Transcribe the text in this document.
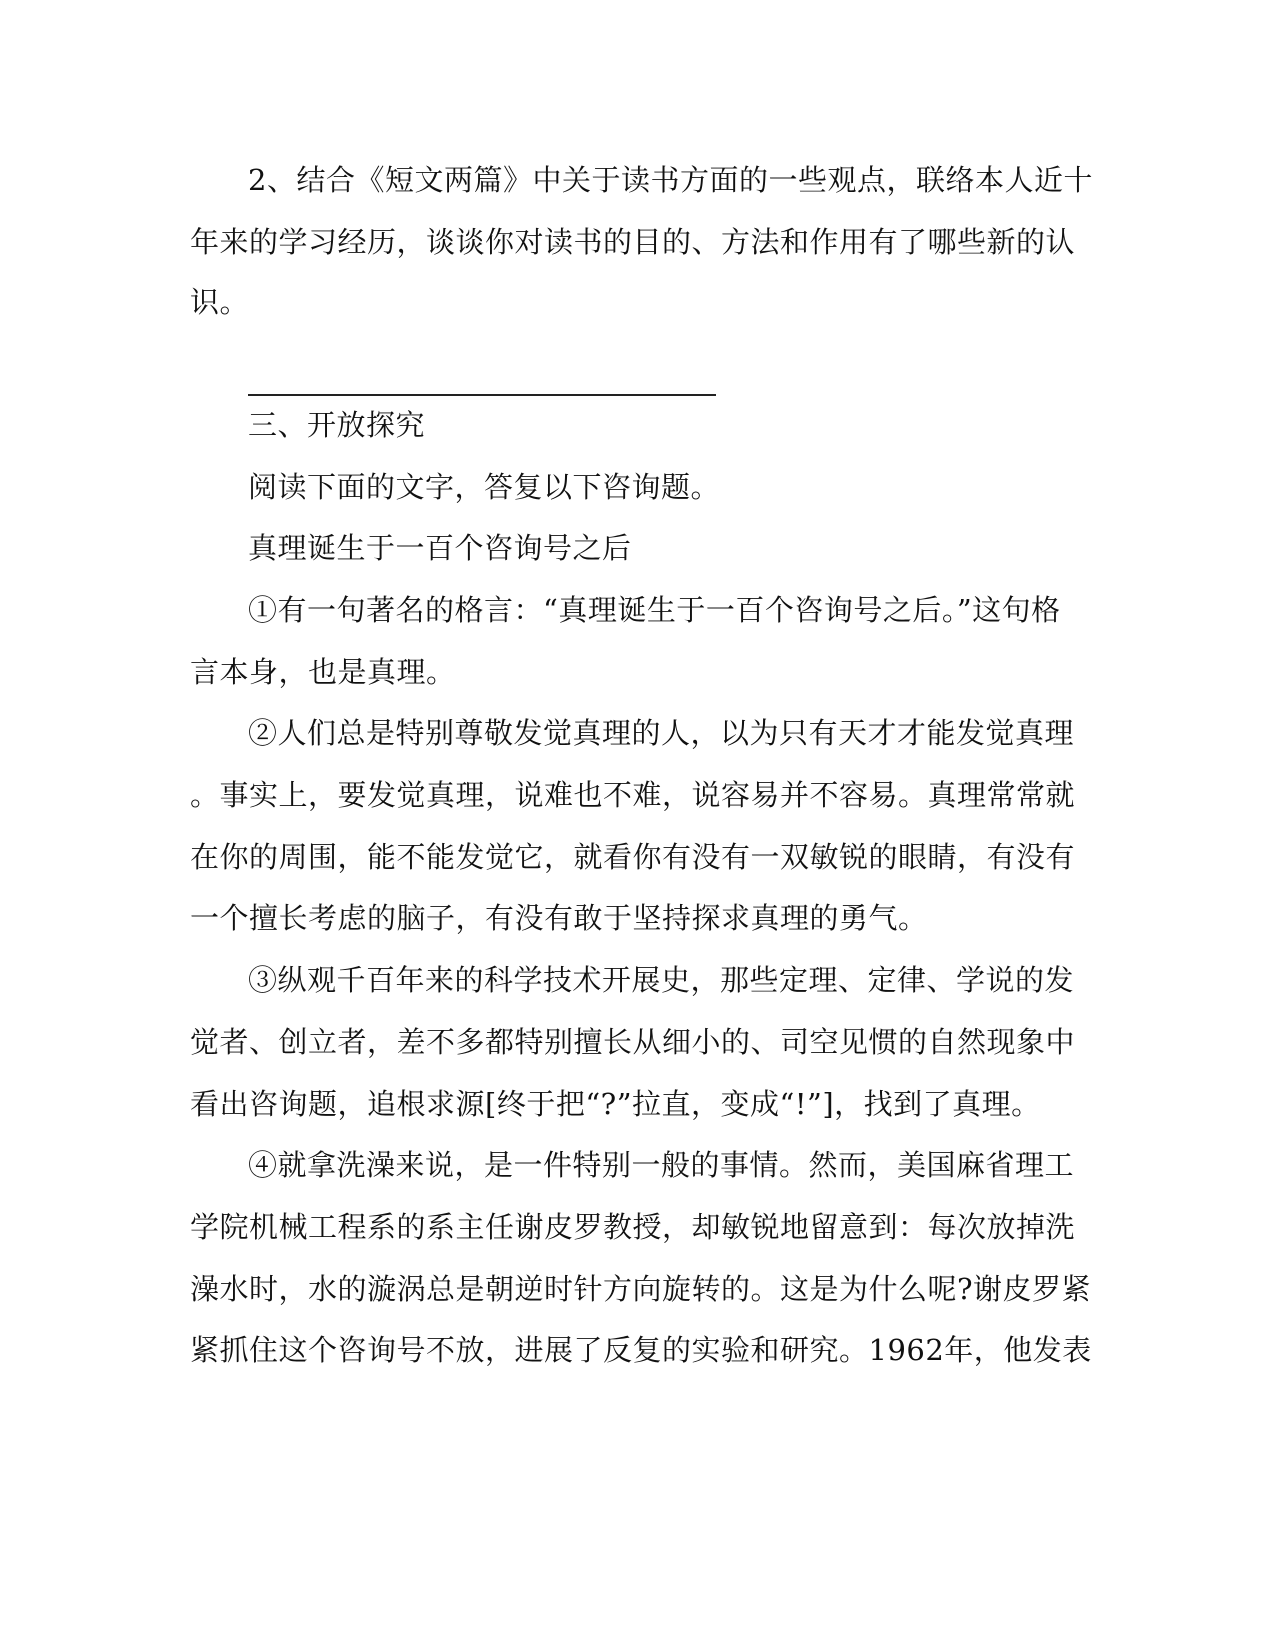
2、结合《短文两篇》中关于读书方面的一些观点，联络本人近十
年来的学习经历，谈谈你对读书的目的、方法和作用有了哪些新的认
识。
三、开放探究
阅读下面的文字，答复以下咨询题。
真理诞生于一百个咨询号之后
①有一句著名的格言：“真理诞生于一百个咨询号之后。”这句格
言本身，也是真理。
②人们总是特别尊敬发觉真理的人，以为只有天才才能发觉真理
。事实上，要发觉真理，说难也不难，说容易并不容易。真理常常就
在你的周围，能不能发觉它，就看你有没有一双敏锐的眼睛，有没有
一个擅长考虑的脑子，有没有敢于坚持探求真理的勇气。
③纵观千百年来的科学技术开展史，那些定理、定律、学说的发
觉者、创立者，差不多都特别擅长从细小的、司空见惯的自然现象中
看出咨询题，追根求源[终于把“?”拉直，变成“!”]，找到了真理。
④就拿洗澡来说，是一件特别一般的事情。然而，美国麻省理工
学院机械工程系的系主任谢皮罗教授，却敏锐地留意到：每次放掉洗
澡水时，水的漩涡总是朝逆时针方向旋转的。这是为什么呢?谢皮罗紧
紧抓住这个咨询号不放，进展了反复的实验和研究。1962年，他发表
